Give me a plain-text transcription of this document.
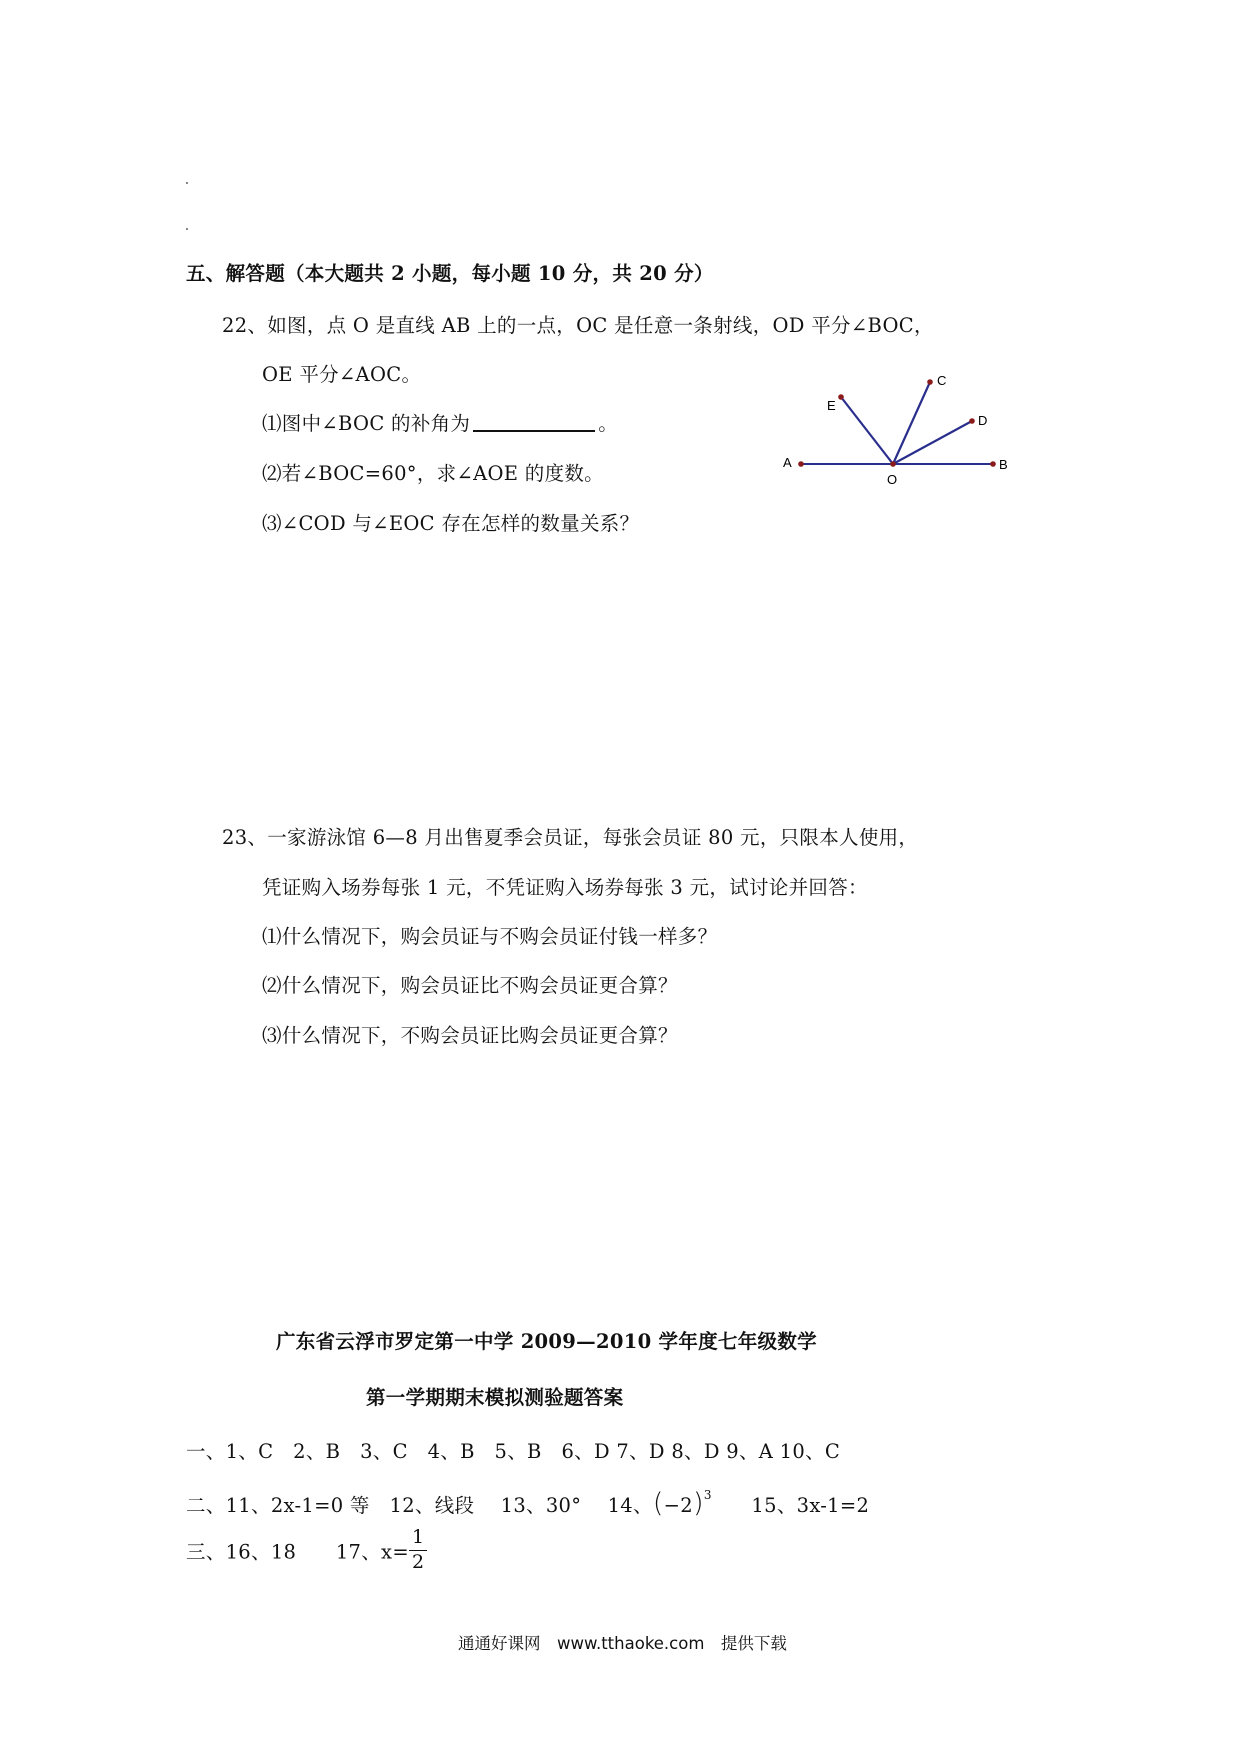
五、解答题（本大题共 2 小题，每小题 10 分，共 20 分）
22、如图，点 O 是直线 AB 上的一点，OC 是任意一条射线，OD 平分∠BOC，
OE 平分∠AOC。
⑴图中∠BOC 的补角为	。
⑵若∠BOC=60°，求∠AOE 的度数。
⑶∠COD 与∠EOC 存在怎样的数量关系？
A	B
O
E
C
D
23、一家游泳馆 6—8 月出售夏季会员证，每张会员证 80 元，只限本人使用，
凭证购入场券每张 1 元，不凭证购入场券每张 3 元，试讨论并回答：
⑴什么情况下，购会员证与不购会员证付钱一样多？
⑵什么情况下，购会员证比不购会员证更合算？
⑶什么情况下，不购会员证比购会员证更合算？
广东省云浮市罗定第一中学 2009—2010 学年度七年级数学
第一学期期末模拟测验题答案
一、1、C　2、B　3、C　4、B　5、B　6、D 7、D 8、D 9、A 10、C
二、11、2x-1=0 等　12、线段　 13、30°　 14、$(-2)^3$　　 15、3x-1=2
三、16、18　　17、$x= \frac{1}{2}$
通通好课网　www.tthaoke.com　提供下载
